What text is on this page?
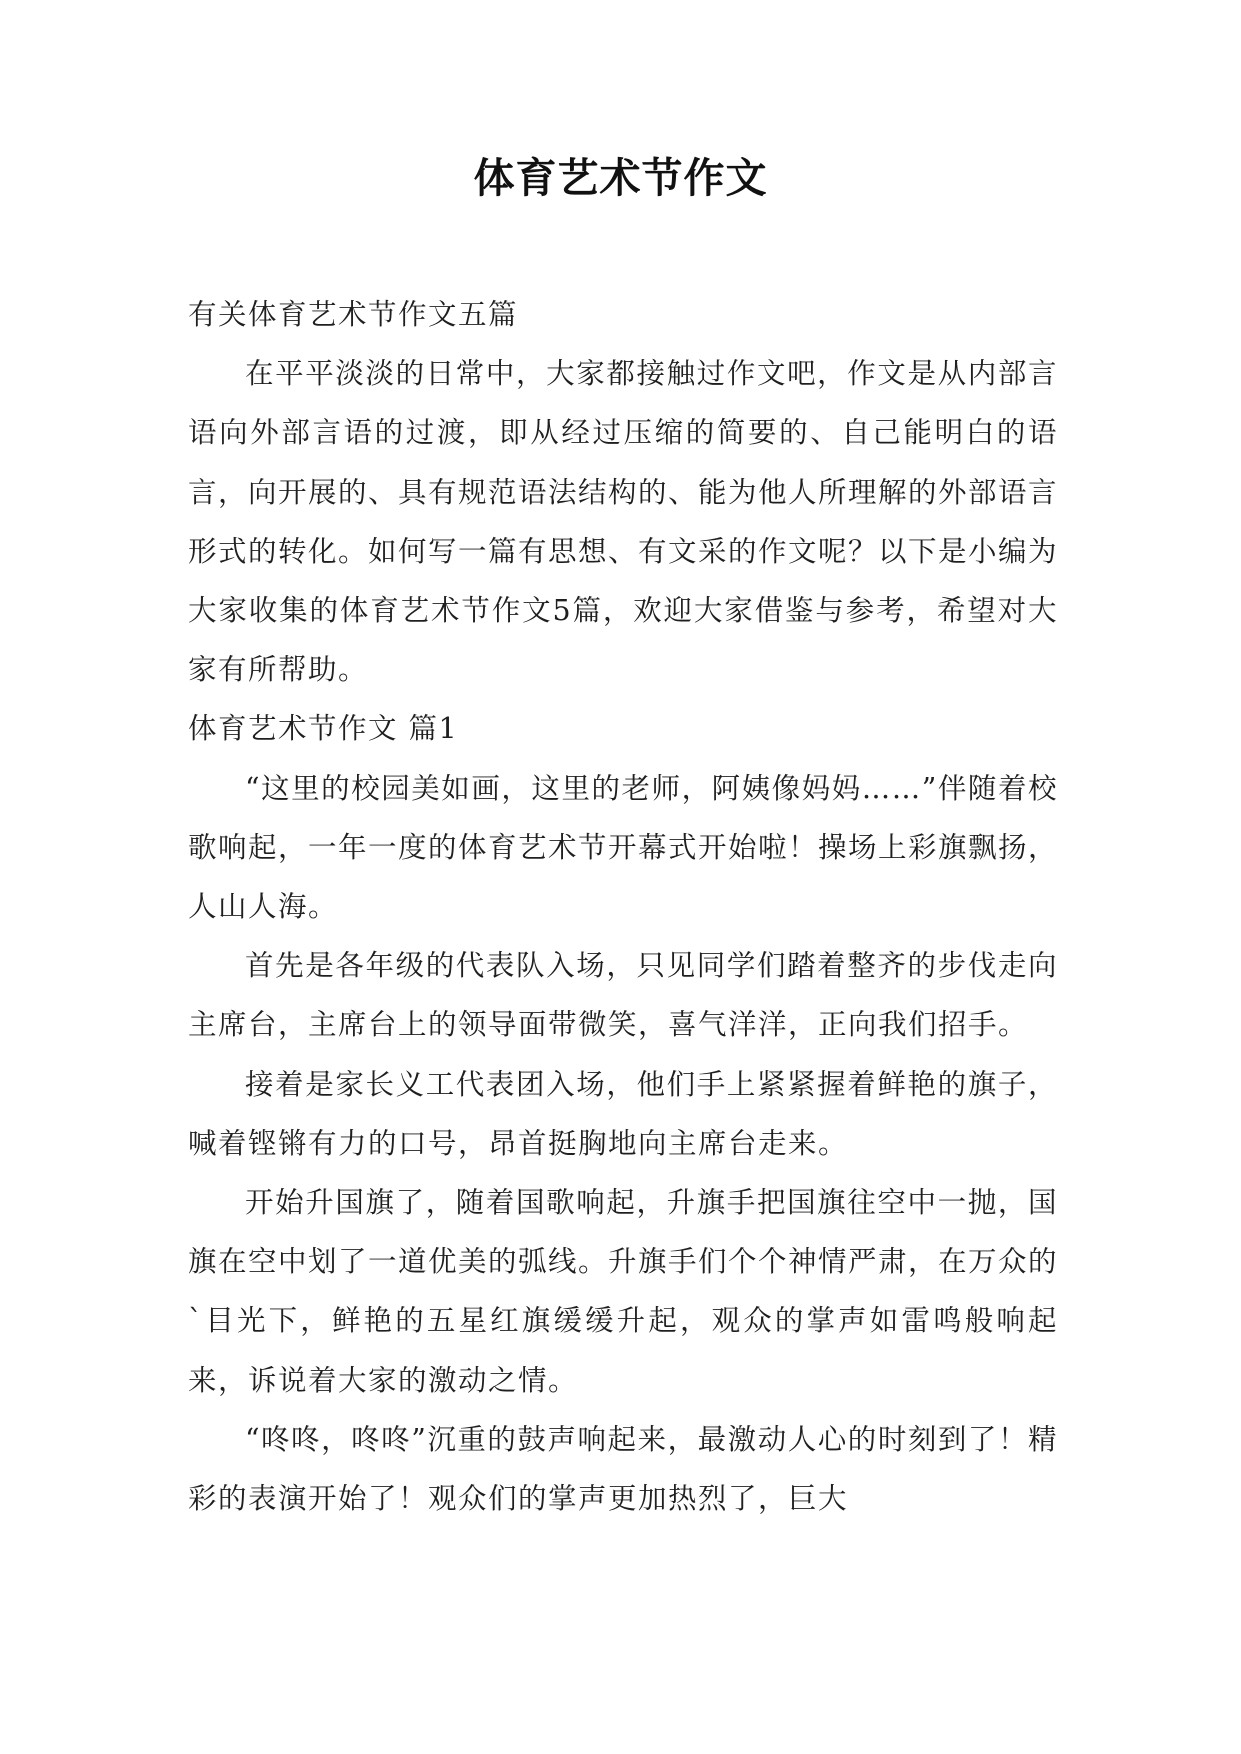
体育艺术节作文

有关体育艺术节作文五篇

在平平淡淡的日常中，大家都接触过作文吧，作文是从内部言语向外部言语的过渡，即从经过压缩的简要的、自己能明白的语言，向开展的、具有规范语法结构的、能为他人所理解的外部语言形式的转化。如何写一篇有思想、有文采的作文呢？以下是小编为大家收集的体育艺术节作文5篇，欢迎大家借鉴与参考，希望对大家有所帮助。

体育艺术节作文 篇1

“这里的校园美如画，这里的老师，阿姨像妈妈……”伴随着校歌响起，一年一度的体育艺术节开幕式开始啦！操场上彩旗飘扬，人山人海。

首先是各年级的代表队入场，只见同学们踏着整齐的步伐走向主席台，主席台上的领导面带微笑，喜气洋洋，正向我们招手。

接着是家长义工代表团入场，他们手上紧紧握着鲜艳的旗子，喊着铿锵有力的口号，昂首挺胸地向主席台走来。

开始升国旗了，随着国歌响起，升旗手把国旗往空中一抛，国旗在空中划了一道优美的弧线。升旗手们个个神情严肃，在万众的`目光下，鲜艳的五星红旗缓缓升起，观众的掌声如雷鸣般响起来，诉说着大家的激动之情。

“咚咚，咚咚”沉重的鼓声响起来，最激动人心的时刻到了！精彩的表演开始了！观众们的掌声更加热烈了，巨大
